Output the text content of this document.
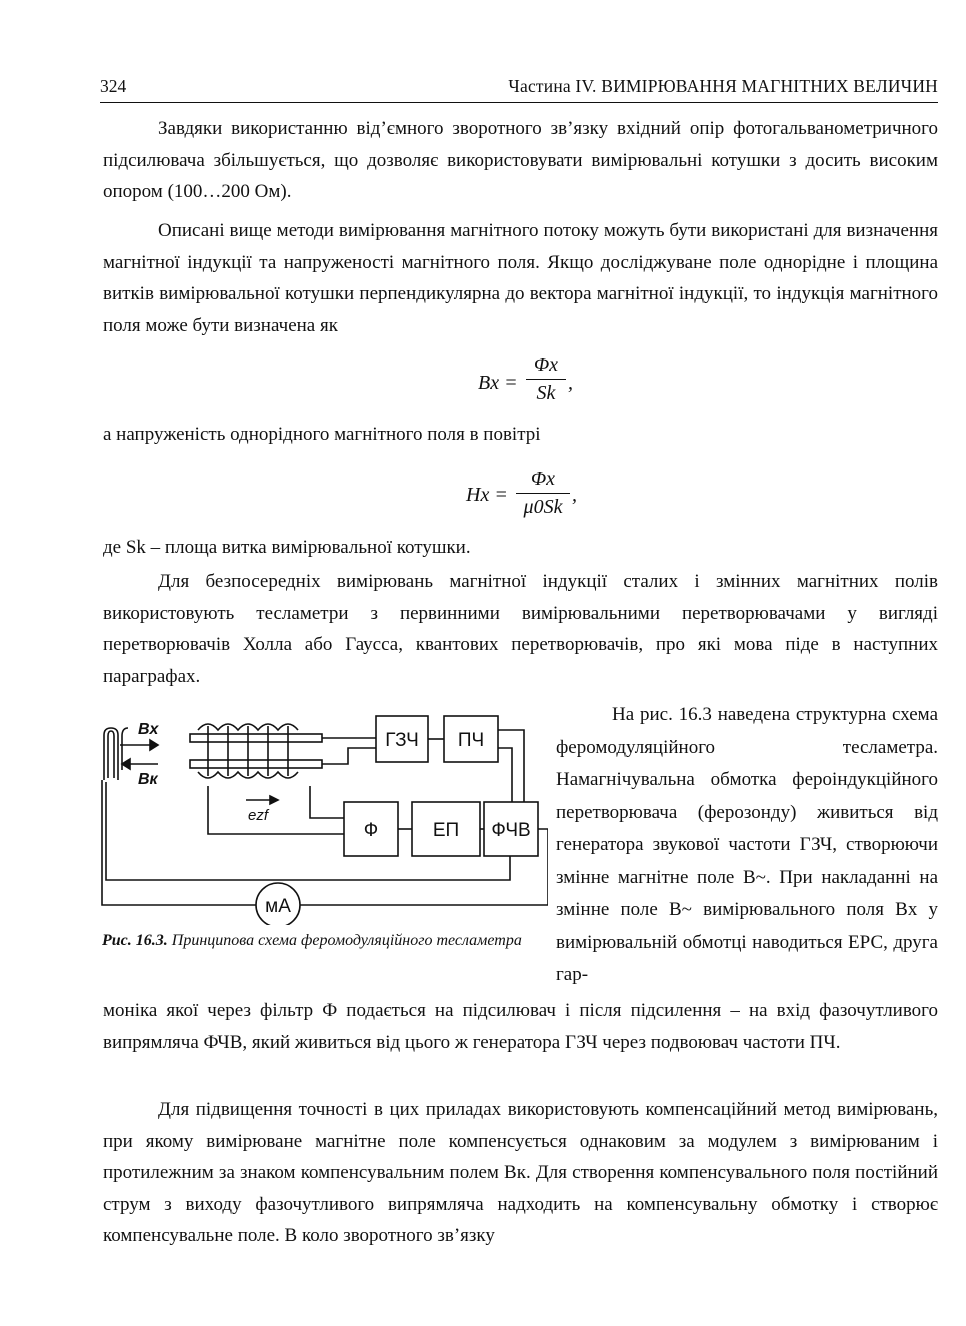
324	Частина IV. ВИМІРЮВАННЯ МАГНІТНИХ ВЕЛИЧИН

Завдяки використанню від’ємного зворотного зв’язку вхідний опір фотогальванометричного підсилювача збільшується, що дозволяє використовувати вимірювальні котушки з досить високим опором (100…200 Ом).

Описані вище методи вимірювання магнітного потоку можуть бути використані для визначення магнітної індукції та напруженості магнітного поля. Якщо досліджуване поле однорідне і площина витків вимірювальної котушки перпендикулярна до вектора магнітної індукції, то індукція магнітного поля може бути визначена як

Bx =
Φx
Sk ,

а напруженість однорідного магнітного поля в повітрі

Hx =
Φx
μ0Sk
,

де Sk – площа витка вимірювальної котушки.

Для безпосередніх вимірювань магнітної індукції сталих і змінних магнітних полів використовують тесламетри з первинними вимірювальними перетворювачами у вигляді перетворювачів Холла або Гаусса, квантових перетворювачів, про які мова піде в наступних параграфах.

ГЗЧ ПЧ
Ф	ЕП ФЧВ
мА
Bx
Bк
ezf

Рис. 16.3. Принципова схема феромодуляційного тесламетра

На рис. 16.3 наведена структурна схема феромодуляційного тесламетра. Намагнічувальна обмотка фероіндукційного перетворювача (ферозонду) живиться від генератора звукової частоти ГЗЧ, створюючи змінне магнітне поле B~. При накладанні на змінне поле B~ вимірювального поля Bx у вимірювальній обмотці наводиться ЕРС, друга гар-

моніка якої через фільтр Ф подається на підсилювач і після підсилення – на вхід фазочутливого випрямляча ФЧВ, який живиться від цього ж генератора ГЗЧ через подвоювач частоти ПЧ.

Для підвищення точності в цих приладах використовують компенсаційний метод вимірювань, при якому вимірюване магнітне поле компенсується однаковим за модулем з вимірюваним і протилежним за знаком компенсувальним полем Bк. Для створення компенсувального поля постійний струм з виходу фазочутливого випрямляча надходить на компенсувальну обмотку і створює компенсувальне поле. В коло зворотного зв’язку
